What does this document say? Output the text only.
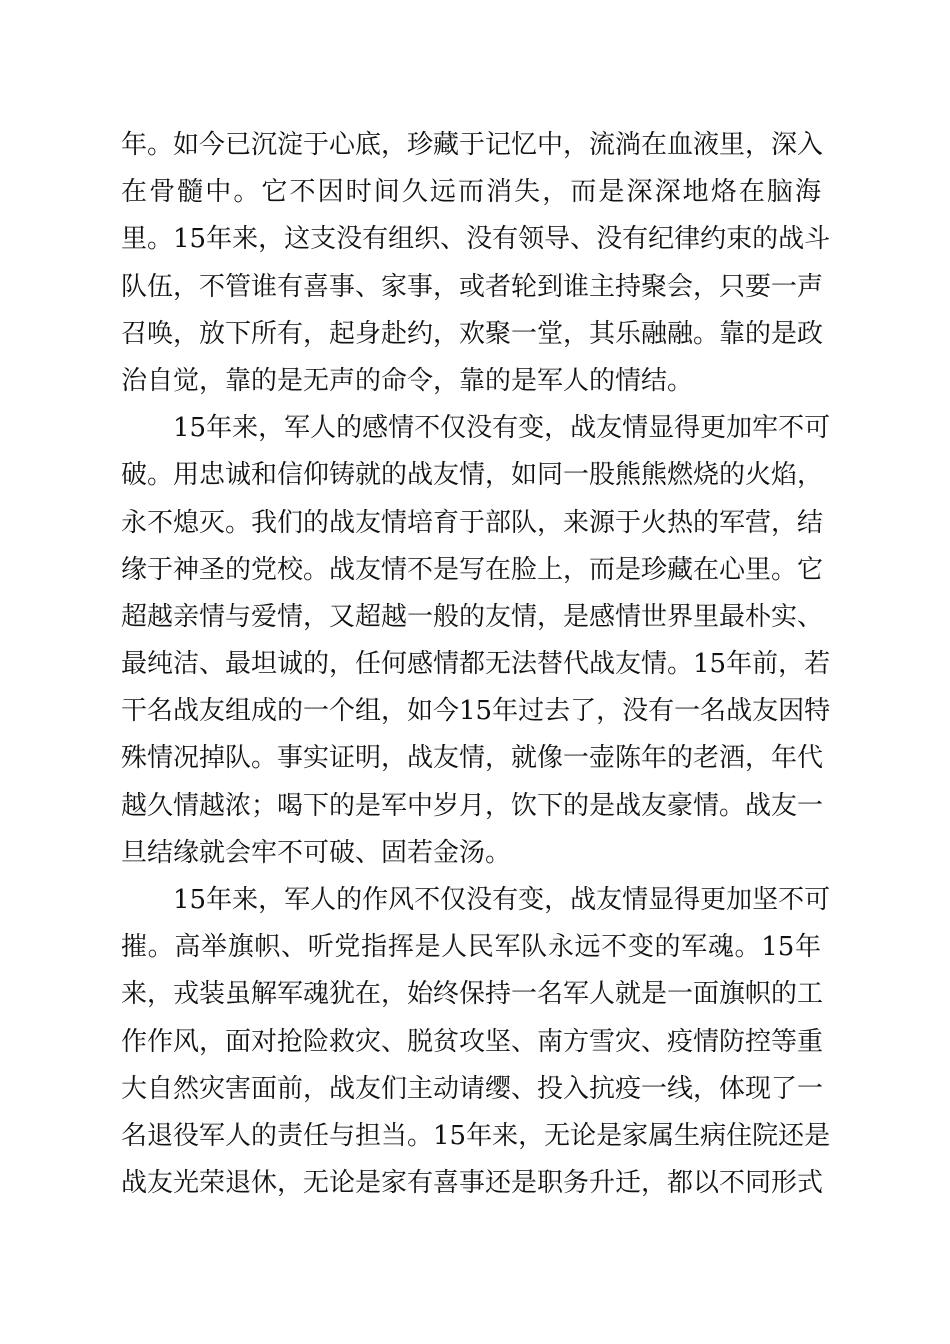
年。如今已沉淀于心底，珍藏于记忆中，流淌在血液里，深入
在骨髓中。它不因时间久远而消失，而是深深地烙在脑海
里。15年来，这支没有组织、没有领导、没有纪律约束的战斗
队伍，不管谁有喜事、家事，或者轮到谁主持聚会，只要一声
召唤，放下所有，起身赴约，欢聚一堂，其乐融融。靠的是政
治自觉，靠的是无声的命令，靠的是军人的情结。
15年来，军人的感情不仅没有变，战友情显得更加牢不可
破。用忠诚和信仰铸就的战友情，如同一股熊熊燃烧的火焰，
永不熄灭。我们的战友情培育于部队，来源于火热的军营，结
缘于神圣的党校。战友情不是写在脸上，而是珍藏在心里。它
超越亲情与爱情，又超越一般的友情，是感情世界里最朴实、
最纯洁、最坦诚的，任何感情都无法替代战友情。15年前，若
干名战友组成的一个组，如今15年过去了，没有一名战友因特
殊情况掉队。事实证明，战友情，就像一壶陈年的老酒，年代
越久情越浓；喝下的是军中岁月，饮下的是战友豪情。战友一
旦结缘就会牢不可破、固若金汤。
15年来，军人的作风不仅没有变，战友情显得更加坚不可
摧。高举旗帜、听党指挥是人民军队永远不变的军魂。15年
来，戎装虽解军魂犹在，始终保持一名军人就是一面旗帜的工
作作风，面对抢险救灾、脱贫攻坚、南方雪灾、疫情防控等重
大自然灾害面前，战友们主动请缨、投入抗疫一线，体现了一
名退役军人的责任与担当。15年来，无论是家属生病住院还是
战友光荣退休，无论是家有喜事还是职务升迁，都以不同形式
